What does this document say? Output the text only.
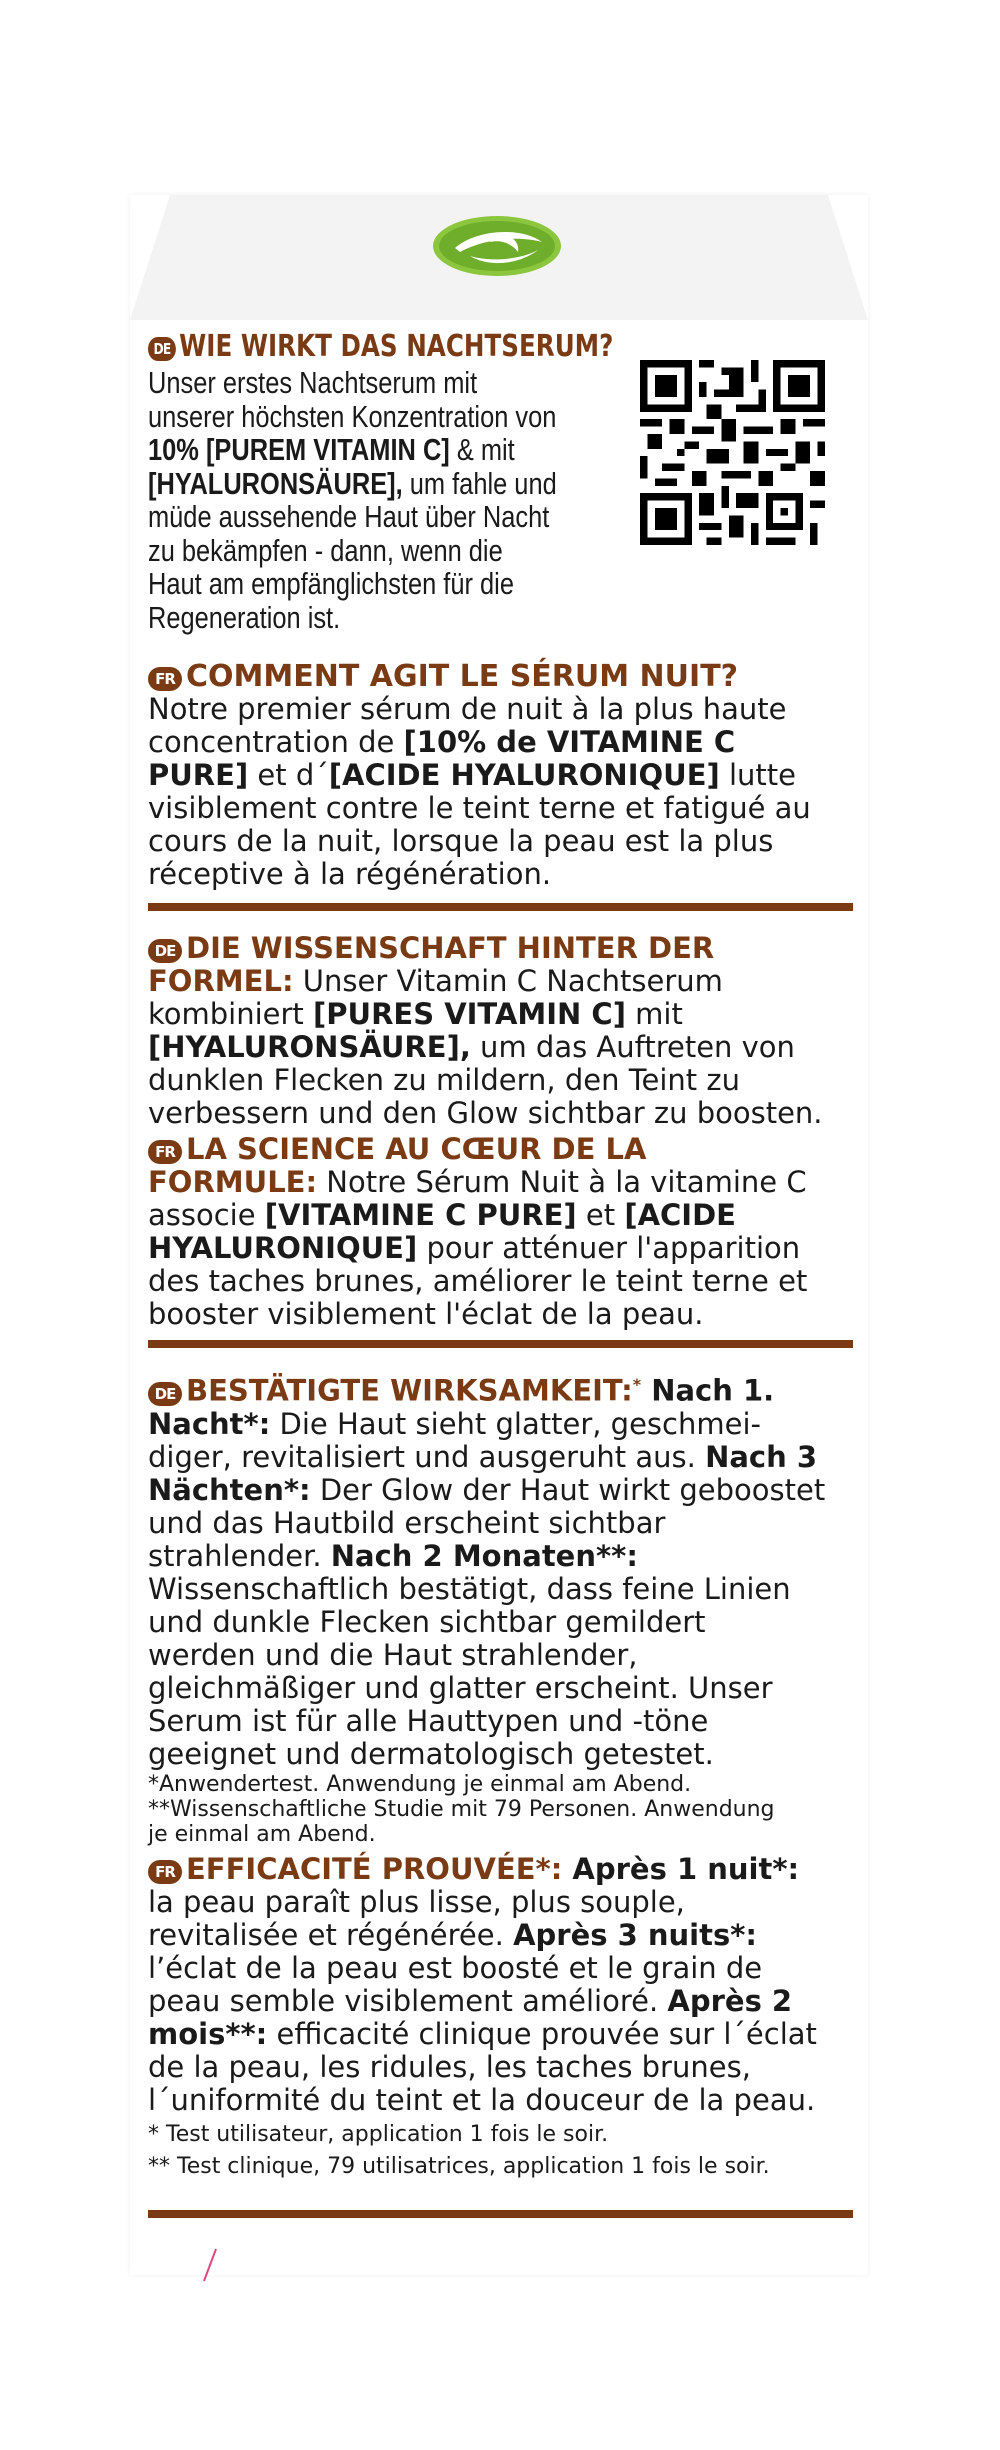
DE WIE WIRKT DAS NACHTSERUM?

Unser erstes Nachtserum mit
unserer höchsten Konzentration von
10% [PUREM VITAMIN C] & mit
[HYALURONSÄURE], um fahle und
müde aussehende Haut über Nacht
zu bekämpfen - dann, wenn die
Haut am empfänglichsten für die
Regeneration ist.

FR COMMENT AGIT LE SÉRUM NUIT?

Notre premier sérum de nuit à la plus haute
concentration de [10% de VITAMINE C
PURE] et d´[ACIDE HYALURONIQUE] lutte
visiblement contre le teint terne et fatigué au
cours de la nuit, lorsque la peau est la plus
réceptive à la régénération.

DE DIE WISSENSCHAFT HINTER DER
FORMEL: Unser Vitamin C Nachtserum
kombiniert [PURES VITAMIN C] mit
[HYALURONSÄURE], um das Auftreten von
dunklen Flecken zu mildern, den Teint zu
verbessern und den Glow sichtbar zu boosten.

FR LA SCIENCE AU CŒUR DE LA
FORMULE: Notre Sérum Nuit à la vitamine C
associe [VITAMINE C PURE] et [ACIDE
HYALURONIQUE] pour atténuer l'apparition
des taches brunes, améliorer le teint terne et
booster visiblement l'éclat de la peau.

DE BESTÄTIGTE WIRKSAMKEIT:* Nach 1.
Nacht*: Die Haut sieht glatter, geschmei-
diger, revitalisiert und ausgeruht aus. Nach 3
Nächten*: Der Glow der Haut wirkt geboostet
und das Hautbild erscheint sichtbar
strahlender. Nach 2 Monaten**:
Wissenschaftlich bestätigt, dass feine Linien
und dunkle Flecken sichtbar gemildert
werden und die Haut strahlender,
gleichmäßiger und glatter erscheint. Unser
Serum ist für alle Hauttypen und -töne
geeignet und dermatologisch getestet.

*Anwendertest. Anwendung je einmal am Abend.
**Wissenschaftliche Studie mit 79 Personen. Anwendung
je einmal am Abend.

FR EFFICACITÉ PROUVÉE*: Après 1 nuit*:
la peau paraît plus lisse, plus souple,
revitalisée et régénérée. Après 3 nuits*:
l’éclat de la peau est boosté et le grain de
peau semble visiblement amélioré. Après 2
mois**: efficacité clinique prouvée sur l´éclat
de la peau, les ridules, les taches brunes,
l´uniformité du teint et la douceur de la peau.

* Test utilisateur, application 1 fois le soir.
** Test clinique, 79 utilisatrices, application 1 fois le soir.
